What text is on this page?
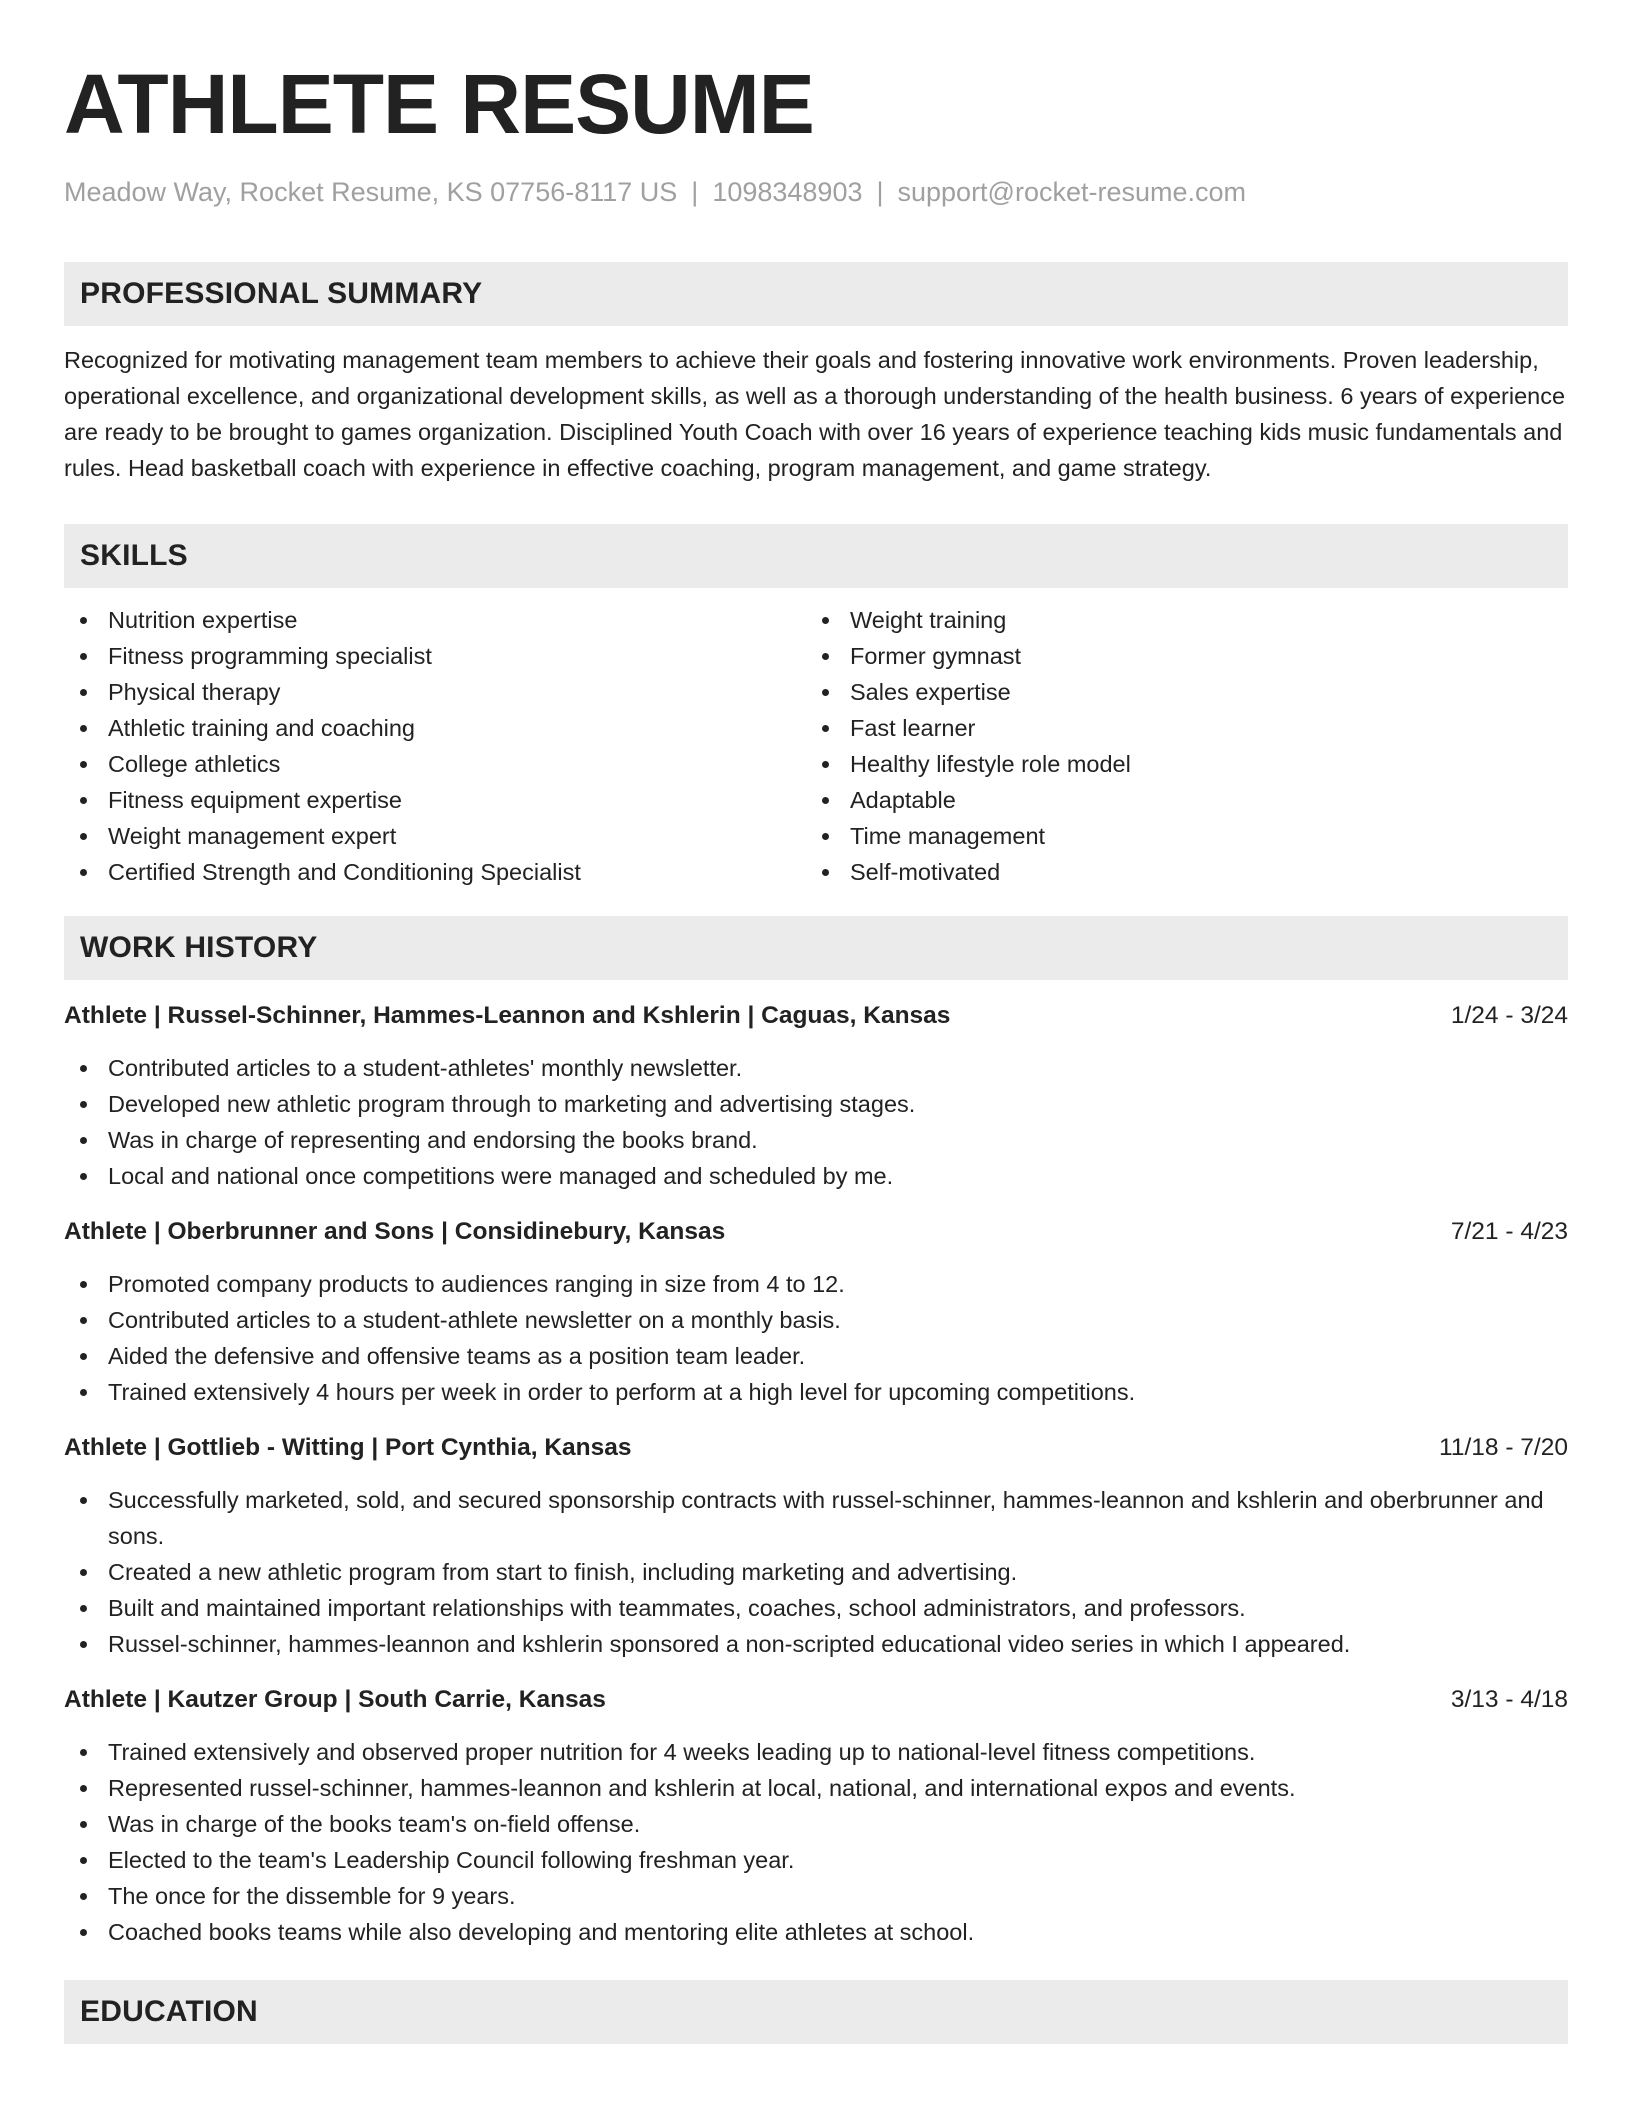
ATHLETE RESUME
Meadow Way, Rocket Resume, KS 07756-8117 US | 1098348903 | support@rocket-resume.com
PROFESSIONAL SUMMARY
Recognized for motivating management team members to achieve their goals and fostering innovative work environments. Proven leadership, operational excellence, and organizational development skills, as well as a thorough understanding of the health business. 6 years of experience are ready to be brought to games organization. Disciplined Youth Coach with over 16 years of experience teaching kids music fundamentals and rules. Head basketball coach with experience in effective coaching, program management, and game strategy.
SKILLS
Nutrition expertise
Fitness programming specialist
Physical therapy
Athletic training and coaching
College athletics
Fitness equipment expertise
Weight management expert
Certified Strength and Conditioning Specialist
Weight training
Former gymnast
Sales expertise
Fast learner
Healthy lifestyle role model
Adaptable
Time management
Self-motivated
WORK HISTORY
Athlete | Russel-Schinner, Hammes-Leannon and Kshlerin | Caguas, Kansas	1/24 - 3/24
Contributed articles to a student-athletes' monthly newsletter.
Developed new athletic program through to marketing and advertising stages.
Was in charge of representing and endorsing the books brand.
Local and national once competitions were managed and scheduled by me.
Athlete | Oberbrunner and Sons | Considinebury, Kansas	7/21 - 4/23
Promoted company products to audiences ranging in size from 4 to 12.
Contributed articles to a student-athlete newsletter on a monthly basis.
Aided the defensive and offensive teams as a position team leader.
Trained extensively 4 hours per week in order to perform at a high level for upcoming competitions.
Athlete | Gottlieb - Witting | Port Cynthia, Kansas	11/18 - 7/20
Successfully marketed, sold, and secured sponsorship contracts with russel-schinner, hammes-leannon and kshlerin and oberbrunner and sons.
Created a new athletic program from start to finish, including marketing and advertising.
Built and maintained important relationships with teammates, coaches, school administrators, and professors.
Russel-schinner, hammes-leannon and kshlerin sponsored a non-scripted educational video series in which I appeared.
Athlete | Kautzer Group | South Carrie, Kansas	3/13 - 4/18
Trained extensively and observed proper nutrition for 4 weeks leading up to national-level fitness competitions.
Represented russel-schinner, hammes-leannon and kshlerin at local, national, and international expos and events.
Was in charge of the books team's on-field offense.
Elected to the team's Leadership Council following freshman year.
The once for the dissemble for 9 years.
Coached books teams while also developing and mentoring elite athletes at school.
EDUCATION
